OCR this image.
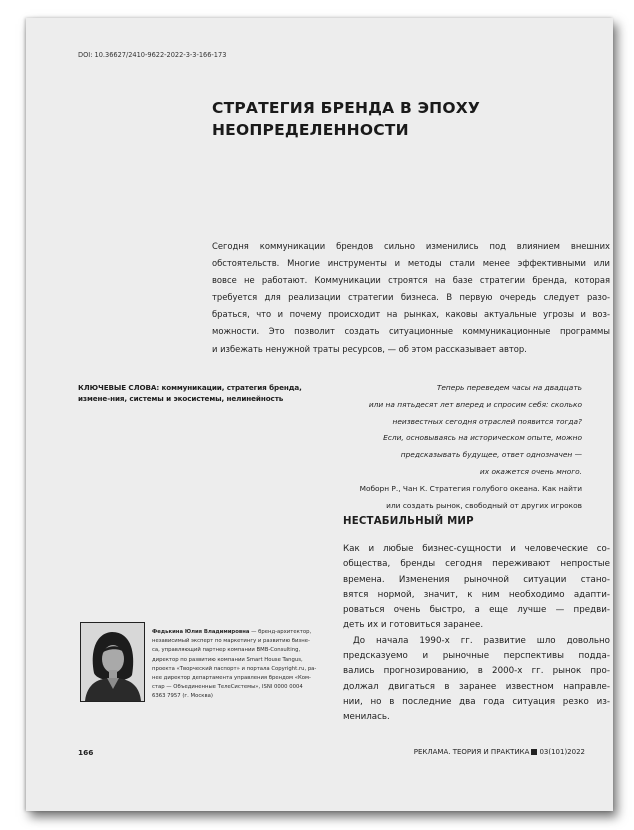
DOI: 10.36627/2410-9622-2022-3-3-166-173
СТРАТЕГИЯ БРЕНДА В ЭПОХУ
НЕОПРЕДЕЛЕННОСТИ
Сегодня коммуникации брендов сильно изменились под влиянием внешних
обстоятельств. Многие инструменты и методы стали менее эффективными или
вовсе не работают. Коммуникации строятся на базе стратегии бренда, которая
требуется для реализации стратегии бизнеса. В первую очередь следует разо-
браться, что и почему происходит на рынках, каковы актуальные угрозы и воз-
можности. Это позволит создать ситуационные коммуникационные программы
и избежать ненужной траты ресурсов, — об этом рассказывает автор.
КЛЮЧЕВЫЕ СЛОВА: коммуникации, стратегия бренда, измене-ния, системы и экосистемы, нелинейность
Теперь переведем часы на двадцать
или на пятьдесят лет вперед и спросим себя: сколько
неизвестных сегодня отраслей появится тогда?
Если, основываясь на историческом опыте, можно
предсказывать будущее, ответ однозначен —
их окажется очень много.
Моборн Р., Чан К. Стратегия голубого океана. Как найти
или создать рынок, свободный от других игроков
НЕСТАБИЛЬНЫЙ МИР
Как и любые бизнес-сущности и человеческие со-
общества, бренды сегодня переживают непростые
времена. Изменения рыночной ситуации стано-
вятся нормой, значит, к ним необходимо адапти-
роваться очень быстро, а еще лучше — предви-
деть их и готовиться заранее.
До начала 1990-х гг. развитие шло довольно
предсказуемо и рыночные перспективы подда-
вались прогнозированию, в 2000-х гг. рынок про-
должал двигаться в заранее известном направле-
нии, но в последние два года ситуация резко из-
менилась.
Федькина Юлия Владимировна — бренд-архитектор,
независимый эксперт по маркетингу и развитию бизне-
са, управляющий партнер компании BMB-Consulting,
директор по развитию компании Smart House Tangus,
проекта «Творческий паспорт» и портала Copyright.ru, ра-
нее директор департамента управления брендом «Ком-
стар — Объединенные ТелеСистемы», ISNI 0000 0004
6363 7957 (г. Москва)
166	РЕКЛАМА. ТЕОРИЯ И ПРАКТИКА 03(101)2022
